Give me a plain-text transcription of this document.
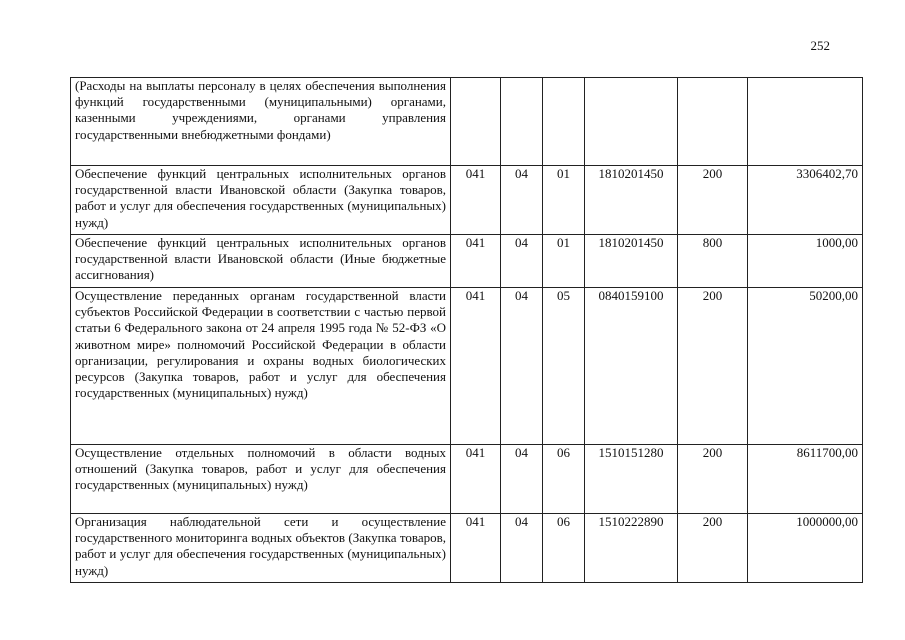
252
(Расходы на выплаты персоналу в целях обеспечения выполнения функций государственными (муниципальными) органами, казенными учреждениями, органами управления государственными внебюджетными фондами)						
Обеспечение функций центральных исполнительных органов государственной власти Ивановской области (Закупка товаров, работ и услуг для обеспечения государственных (муниципальных) нужд)	041	04	01	1810201450	200	3306402,70
Обеспечение функций центральных исполнительных органов государственной власти Ивановской области (Иные бюджетные ассигнования)	041	04	01	1810201450	800	1000,00
Осуществление переданных органам государственной власти субъектов Российской Федерации в соответствии с частью первой статьи 6 Федерального закона от 24 апреля 1995 года № 52-ФЗ «О животном мире» полномочий Российской Федерации в области организации, регулирования и охраны водных биологических ресурсов (Закупка товаров, работ и услуг для обеспечения государственных (муниципальных) нужд)	041	04	05	0840159100	200	50200,00
Осуществление отдельных полномочий в области водных отношений (Закупка товаров, работ и услуг для обеспечения государственных (муниципальных) нужд)	041	04	06	1510151280	200	8611700,00
Организация наблюдательной сети и осуществление государственного мониторинга водных объектов (Закупка товаров, работ и услуг для обеспечения государственных (муниципальных) нужд)	041	04	06	1510222890	200	1000000,00
